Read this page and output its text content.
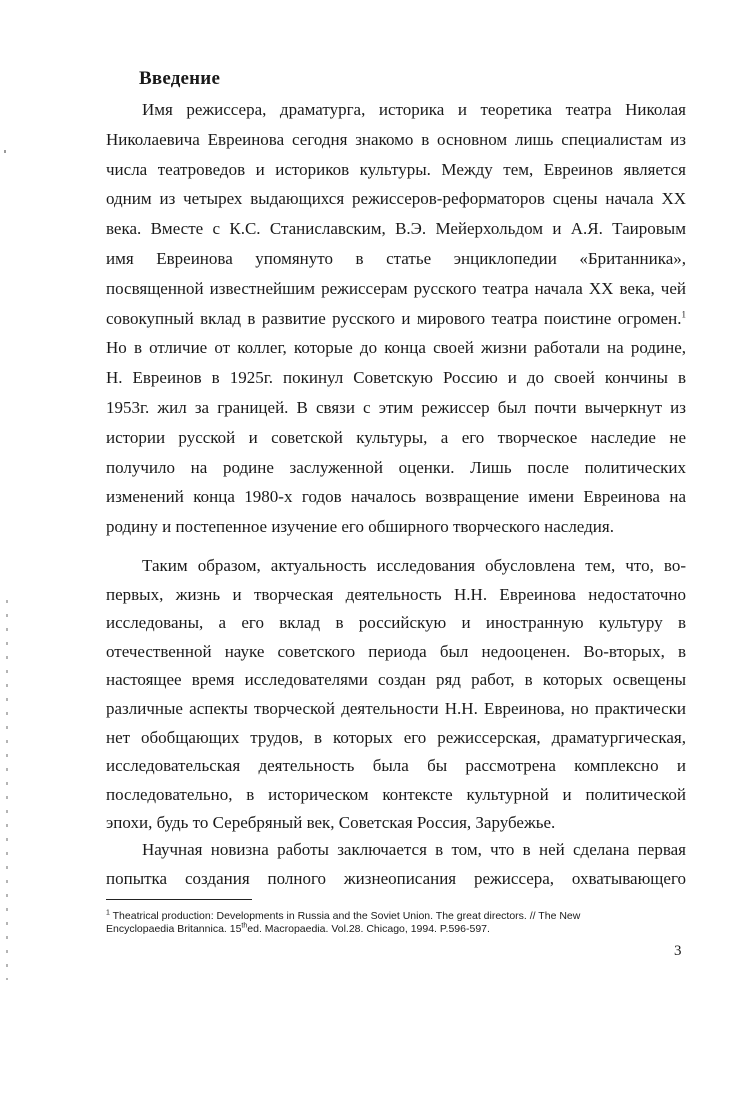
Введение
Имя режиссера, драматурга, историка и теоретика театра Николая
Николаевича Евреинова сегодня знакомо в основном лишь специалистам из
числа театроведов и историков культуры. Между тем, Евреинов является
одним из четырех выдающихся режиссеров-реформаторов сцены начала XX
века. Вместе с К.С. Станиславским, В.Э. Мейерхольдом и А.Я. Таировым
имя Евреинова упомянуто в статье энциклопедии «Британника»,
посвященной известнейшим режиссерам русского театра начала XX века, чей
совокупный вклад в развитие русского и мирового театра поистине огромен.$^1$
Но в отличие от коллег, которые до конца своей жизни работали на родине,
Н. Евреинов в 1925г. покинул Советскую Россию и до своей кончины в
1953г. жил за границей. В связи с этим режиссер был почти вычеркнут из
истории русской и советской культуры, а его творческое наследие не
получило на родине заслуженной оценки. Лишь после политических
изменений конца 1980-х годов началось возвращение имени Евреинова на
родину и постепенное изучение его обширного творческого наследия.
Таким образом, актуальность исследования обусловлена тем, что, во-
первых, жизнь и творческая деятельность Н.Н. Евреинова недостаточно
исследованы, а его вклад в российскую и иностранную культуру в
отечественной науке советского периода был недооценен. Во-вторых, в
настоящее время исследователями создан ряд работ, в которых освещены
различные аспекты творческой деятельности Н.Н. Евреинова, но практически
нет обобщающих трудов, в которых его режиссерская, драматургическая,
исследовательская деятельность была бы рассмотрена комплексно и
последовательно, в историческом контексте культурной и политической
эпохи, будь то Серебряный век, Советская Россия, Зарубежье.
Научная новизна работы заключается в том, что в ней сделана первая
$^1$ Theatrical production: Developments in Russia and the Soviet Union. The great directors. // The New
Encyclopaedia Britannica. 15thed. Macropaedia. Vol.28. Chicago, 1994. P.596-597.
3
попытка создания полного жизнеописания режиссера, охватывающего
